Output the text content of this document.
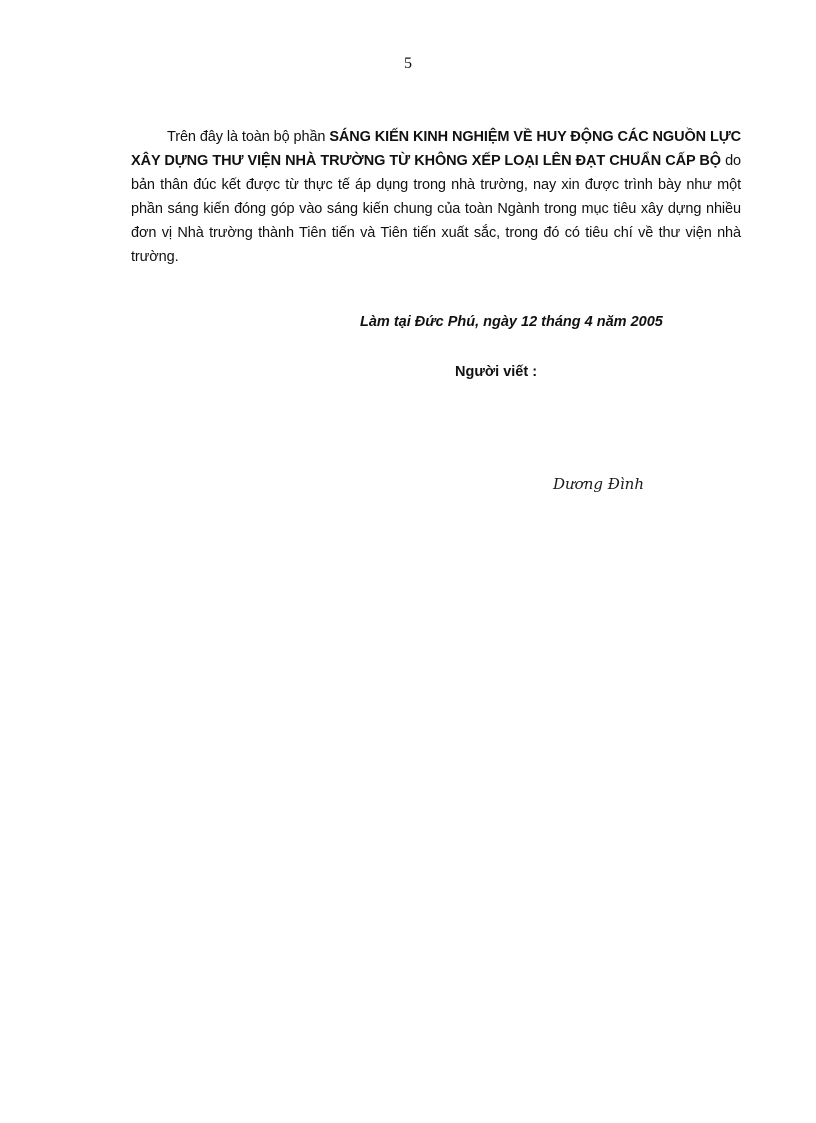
5

Trên đây là toàn bộ phần SÁNG KIẾN KINH NGHIỆM VỀ HUY ĐỘNG CÁC NGUỒN LỰC XÂY DỰNG THƯ VIỆN NHÀ TRƯỜNG TỪ KHÔNG XẾP LOẠI LÊN ĐẠT CHUẨN CẤP BỘ do bản thân đúc kết được từ thực tế áp dụng trong nhà trường, nay xin được trình bày như một phần sáng kiến đóng góp vào sáng kiến chung của toàn Ngành trong mục tiêu xây dựng nhiều đơn vị Nhà trường thành Tiên tiến và Tiên tiến xuất sắc, trong đó có tiêu chí về thư viện nhà trường.

Làm tại Đức Phú, ngày 12 tháng 4 năm 2005
Người viết :
Dương Đình
